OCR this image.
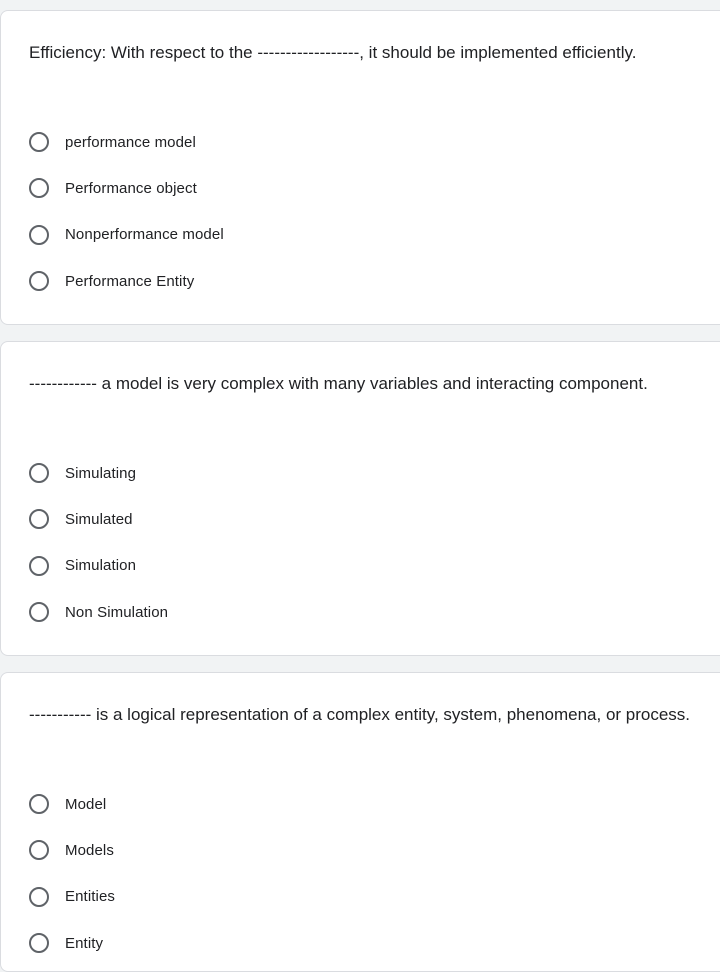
Efficiency: With respect to the ------------------, it should be implemented efficiently.

performance model
Performance object
Nonperformance model
Performance Entity

------------ a model is very complex with many variables and interacting component.

Simulating
Simulated
Simulation
Non Simulation

----------- is a logical representation of a complex entity, system, phenomena, or process.

Model
Models
Entities
Entity
